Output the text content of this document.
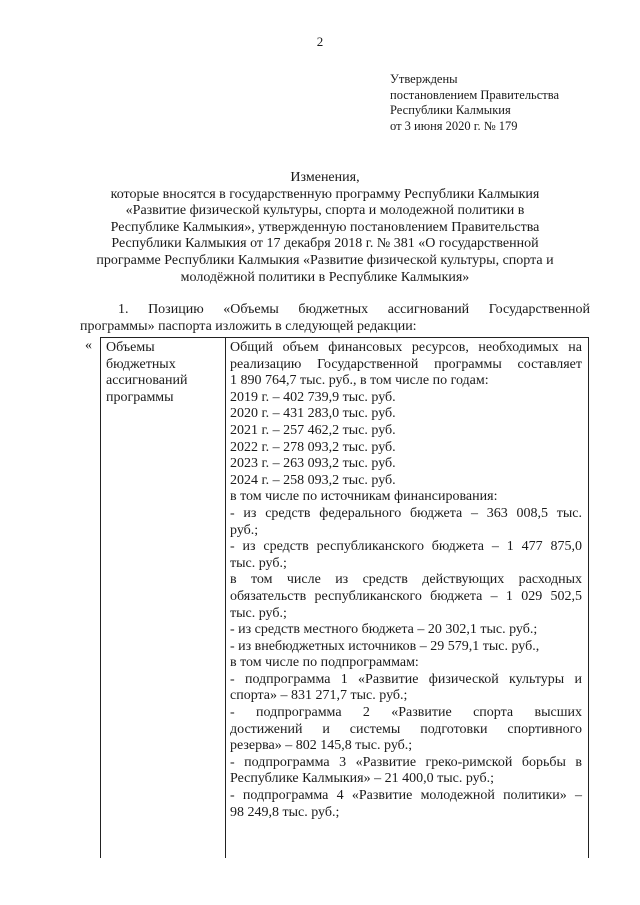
2
Утверждены
постановлением Правительства
Республики Калмыкия
от 3 июня 2020 г. № 179
Изменения,
которые вносятся в государственную программу Республики Калмыкия
«Развитие физической культуры, спорта и молодежной политики в
Республике Калмыкия», утвержденную постановлением Правительства
Республики Калмыкия от 17 декабря 2018 г. № 381 «О государственной
программе Республики Калмыкия «Развитие физической культуры, спорта и
молодёжной политики в Республике Калмыкия»
1. Позицию «Объемы бюджетных ассигнований Государственной
программы» паспорта изложить в следующей редакции:
« Объемы
бюджетных
ассигнований
программы
Общий объем финансовых ресурсов, необходимых на
реализацию Государственной программы составляет
1 890 764,7 тыс. руб., в том числе по годам:
2019 г. – 402 739,9 тыс. руб.
2020 г. – 431 283,0 тыс. руб.
2021 г. – 257 462,2 тыс. руб.
2022 г. – 278 093,2 тыс. руб.
2023 г. – 263 093,2 тыс. руб.
2024 г. – 258 093,2 тыс. руб.
в том числе по источникам финансирования:
- из средств федерального бюджета – 363 008,5 тыс.
руб.;
- из средств республиканского бюджета – 1 477 875,0
тыс. руб.;
в том числе из средств действующих расходных
обязательств республиканского бюджета – 1 029 502,5
тыс. руб.;
- из средств местного бюджета – 20 302,1 тыс. руб.;
- из внебюджетных источников – 29 579,1 тыс. руб.,
в том числе по подпрограммам:
- подпрограмма 1 «Развитие физической культуры и
спорта» – 831 271,7 тыс. руб.;
- подпрограмма 2 «Развитие спорта высших
достижений и системы подготовки спортивного
резерва» – 802 145,8 тыс. руб.;
- подпрограмма 3 «Развитие греко-римской борьбы в
Республике Калмыкия» – 21 400,0 тыс. руб.;
- подпрограмма 4 «Развитие молодежной политики» –
98 249,8 тыс. руб.;
